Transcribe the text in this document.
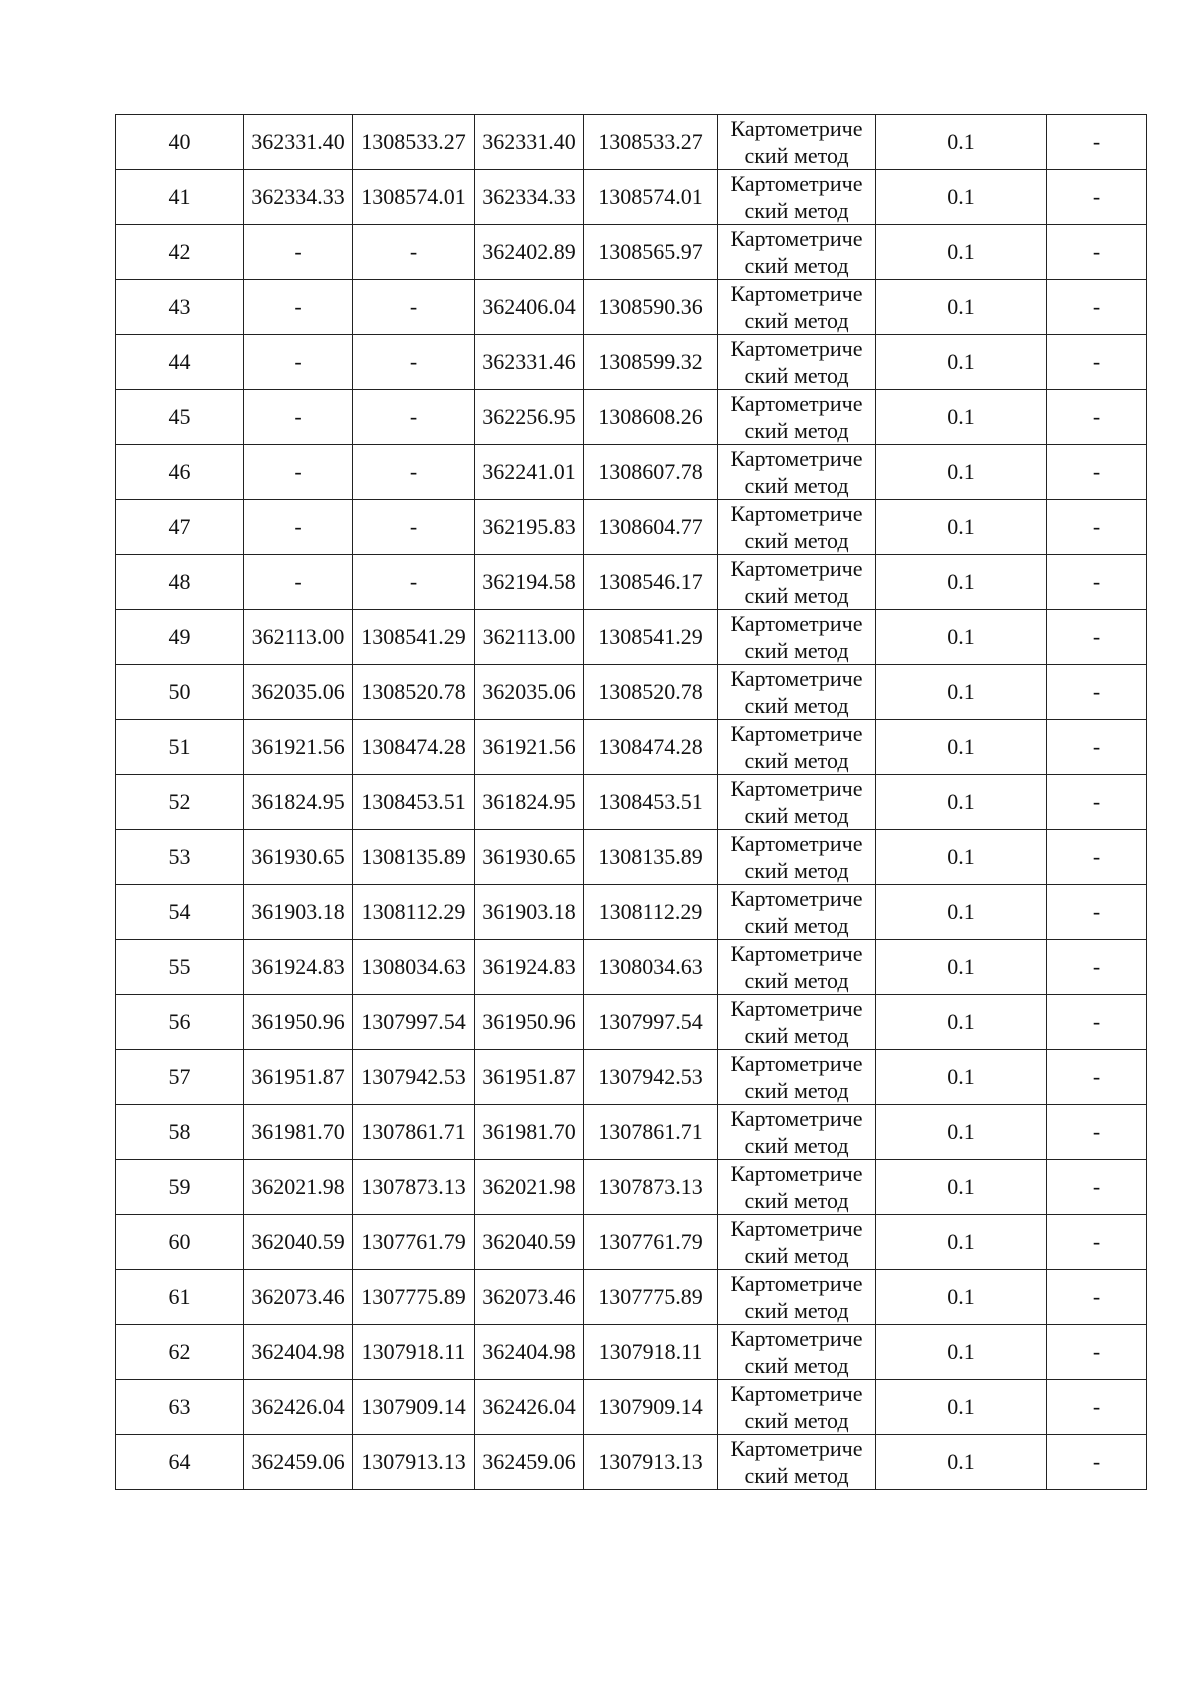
40	362331.40	1308533.27	362331.40	1308533.27	Картометриче
ский метод	0.1	-
41	362334.33	1308574.01	362334.33	1308574.01	Картометриче
ский метод	0.1	-
42	-	-	362402.89	1308565.97	Картометриче
ский метод	0.1	-
43	-	-	362406.04	1308590.36	Картометриче
ский метод	0.1	-
44	-	-	362331.46	1308599.32	Картометриче
ский метод	0.1	-
45	-	-	362256.95	1308608.26	Картометриче
ский метод	0.1	-
46	-	-	362241.01	1308607.78	Картометриче
ский метод	0.1	-
47	-	-	362195.83	1308604.77	Картометриче
ский метод	0.1	-
48	-	-	362194.58	1308546.17	Картометриче
ский метод	0.1	-
49	362113.00	1308541.29	362113.00	1308541.29	Картометриче
ский метод	0.1	-
50	362035.06	1308520.78	362035.06	1308520.78	Картометриче
ский метод	0.1	-
51	361921.56	1308474.28	361921.56	1308474.28	Картометриче
ский метод	0.1	-
52	361824.95	1308453.51	361824.95	1308453.51	Картометриче
ский метод	0.1	-
53	361930.65	1308135.89	361930.65	1308135.89	Картометриче
ский метод	0.1	-
54	361903.18	1308112.29	361903.18	1308112.29	Картометриче
ский метод	0.1	-
55	361924.83	1308034.63	361924.83	1308034.63	Картометриче
ский метод	0.1	-
56	361950.96	1307997.54	361950.96	1307997.54	Картометриче
ский метод	0.1	-
57	361951.87	1307942.53	361951.87	1307942.53	Картометриче
ский метод	0.1	-
58	361981.70	1307861.71	361981.70	1307861.71	Картометриче
ский метод	0.1	-
59	362021.98	1307873.13	362021.98	1307873.13	Картометриче
ский метод	0.1	-
60	362040.59	1307761.79	362040.59	1307761.79	Картометриче
ский метод	0.1	-
61	362073.46	1307775.89	362073.46	1307775.89	Картометриче
ский метод	0.1	-
62	362404.98	1307918.11	362404.98	1307918.11	Картометриче
ский метод	0.1	-
63	362426.04	1307909.14	362426.04	1307909.14	Картометриче
ский метод	0.1	-
64	362459.06	1307913.13	362459.06	1307913.13	Картометриче
ский метод	0.1	-
